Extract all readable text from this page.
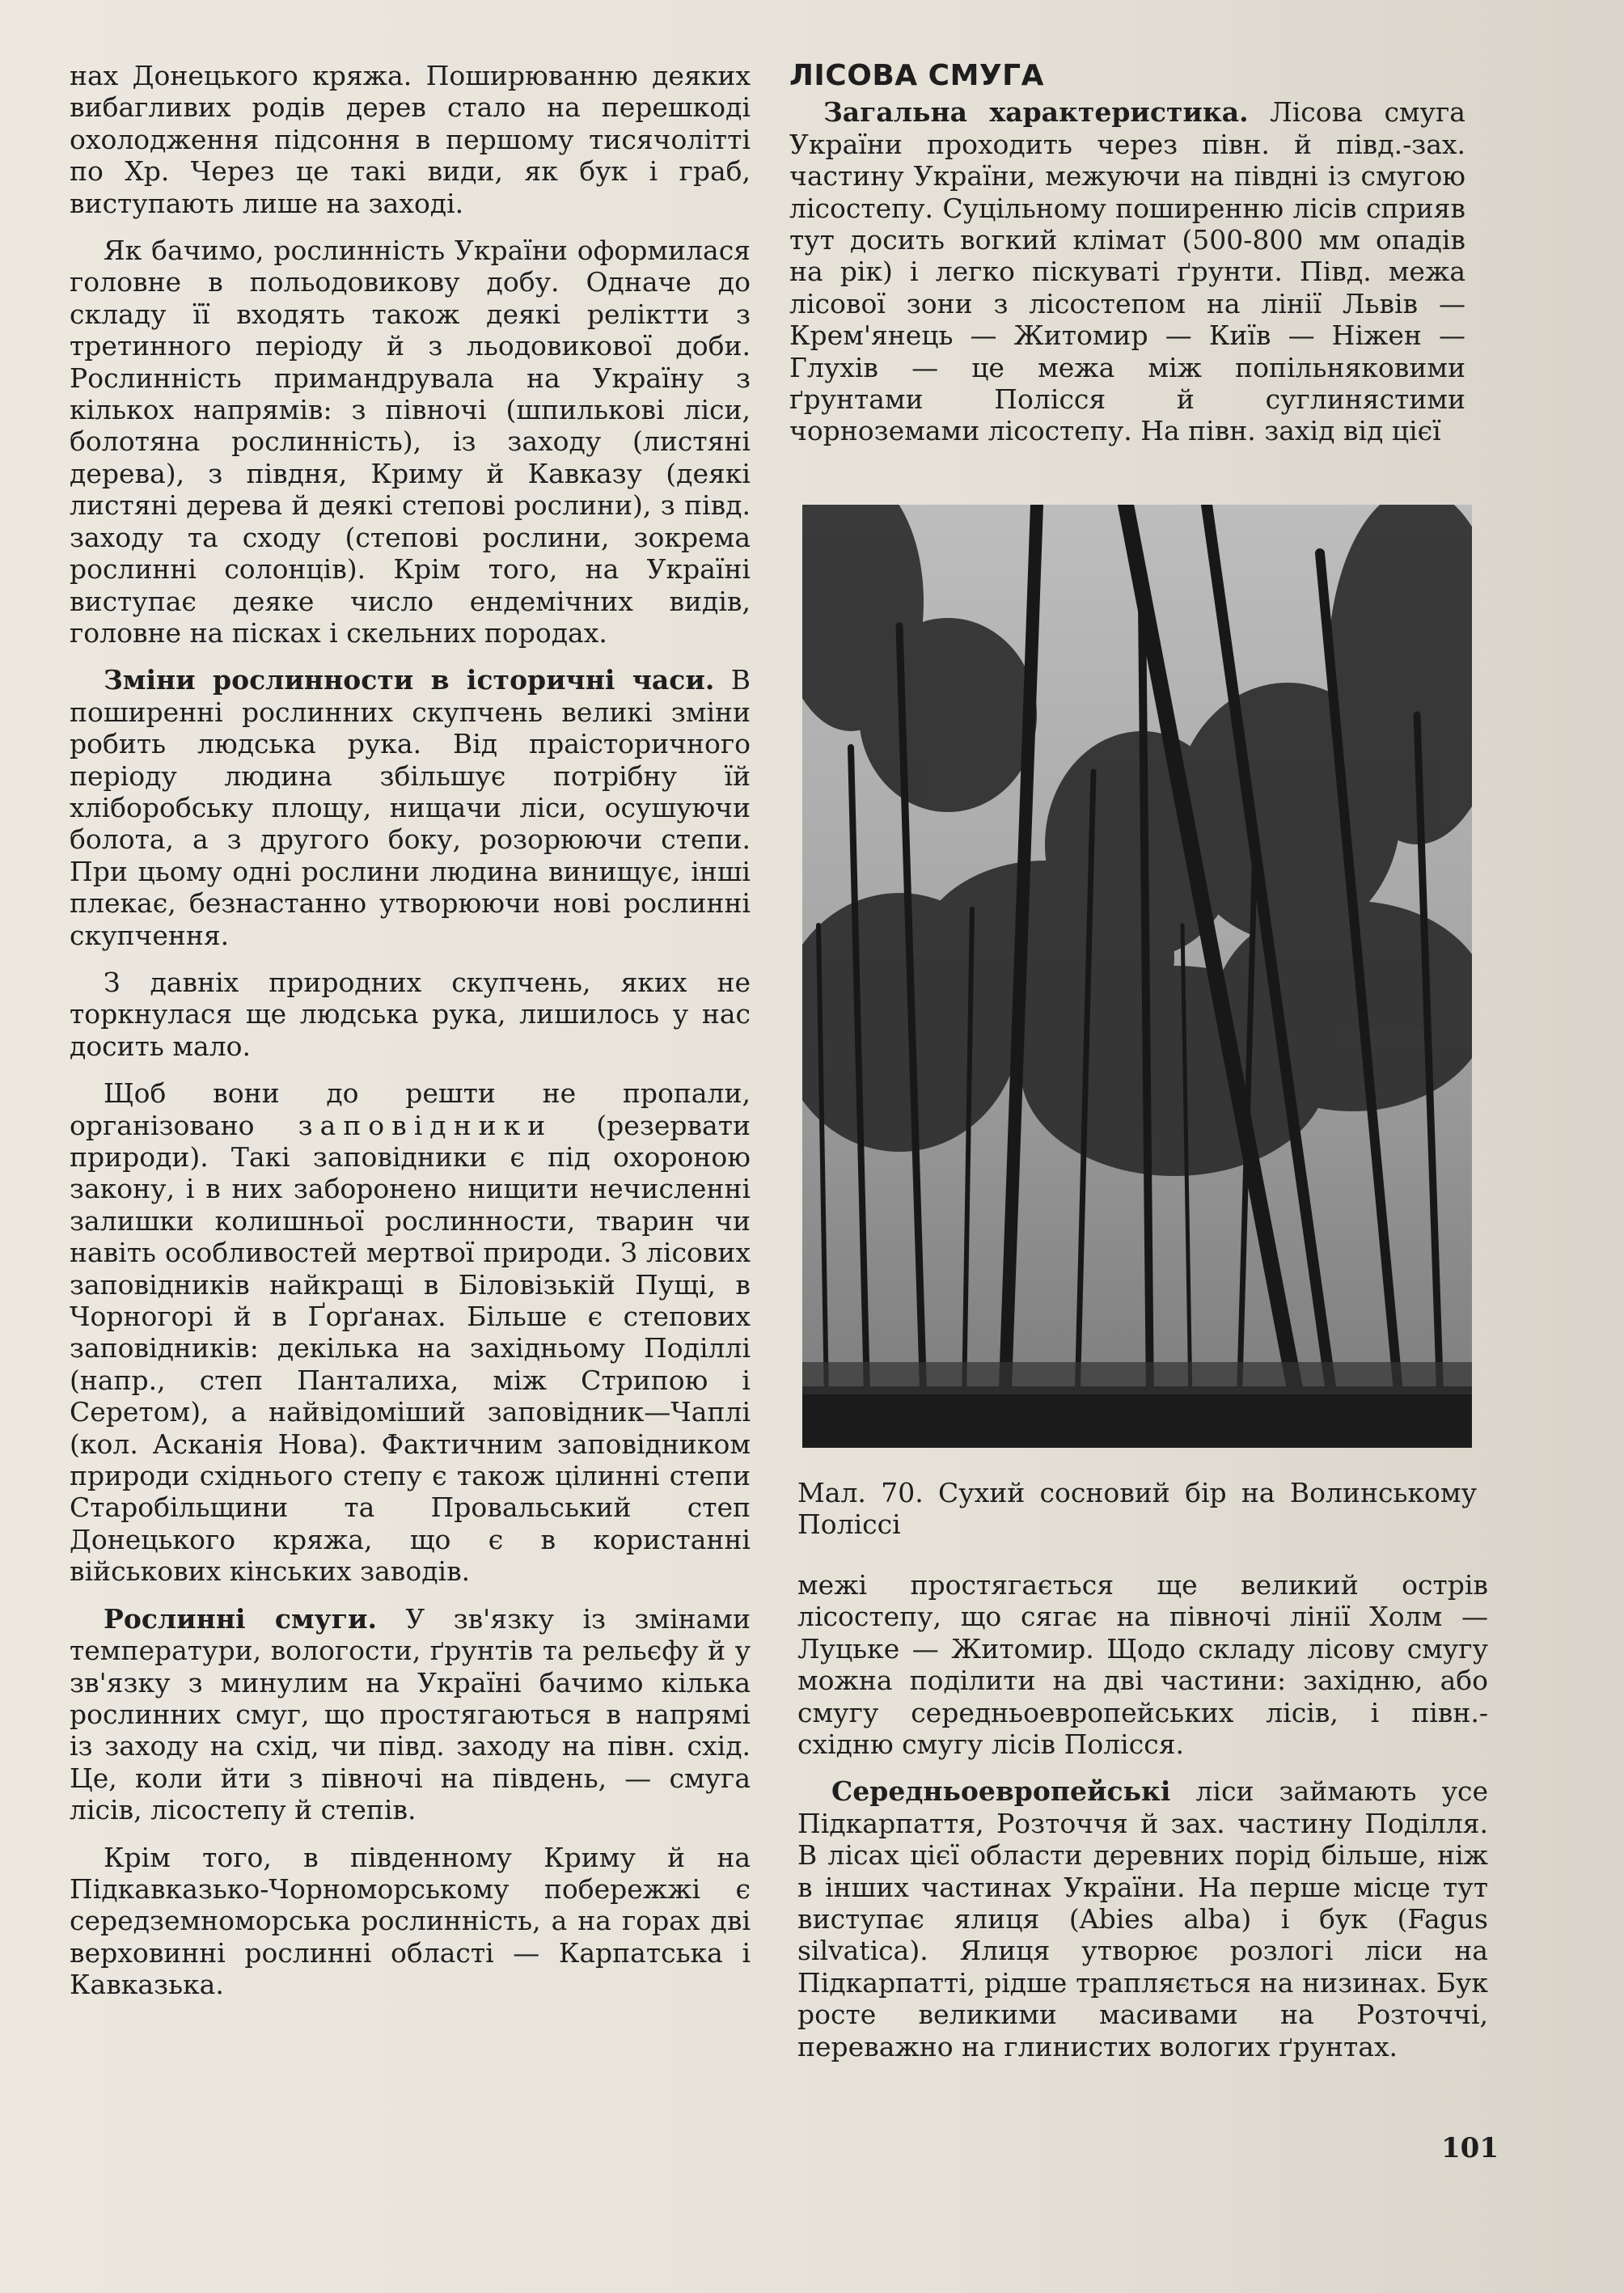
нах Донецького кряжа. Поширюванню деяких вибагливих родів дерев стало на перешкоді охолодження підсоння в першому тисячолітті по Хр. Через це такі види, як бук і граб, виступають лише на заході.

Як бачимо, рослинність України оформилася головне в польодовикову добу. Одначе до складу її входять також деякі реліктти з третинного періоду й з льодовикової доби. Рослинність примандрувала на Україну з кількох напрямів: з півночі (шпилькові ліси, болотяна рослинність), із заходу (листяні дерева), з півдня, Криму й Кавказу (деякі листяні дерева й деякі степові рослини), з півд. заходу та сходу (степові рослини, зокрема рослинні солонців). Крім того, на Україні виступає деяке число ендемічних видів, головне на пісках і скельних породах.

Зміни рослинности в історичні часи. В поширенні рослинних скупчень великі зміни робить людська рука. Від праісторичного періоду людина збільшує потрібну їй хліборобську площу, нищачи ліси, осушуючи болота, а з другого боку, розорюючи степи. При цьому одні рослини людина винищує, інші плекає, безнастанно утворюючи нові рослинні скупчення.

З давніх природних скупчень, яких не торкнулася ще людська рука, лишилось у нас досить мало.

Щоб вони до решти не пропали, організовано заповідники (резервати природи). Такі заповідники є під охороною закону, і в них заборонено нищити нечисленні залишки колишньої рослинности, тварин чи навіть особливостей мертвої природи. З лісових заповідників найкращі в Біловізькій Пущі, в Чорногорі й в Ґорґанах. Більше є степових заповідників: декілька на західньому Поділлі (напр., степ Панталиха, між Стрипою і Серетом), а найвідоміший заповідник—Чаплі (кол. Асканія Нова). Фактичним заповідником природи східнього степу є також цілинні степи Старобільщини та Провальський степ Донецького кряжа, що є в користанні військових кінських заводів.

Рослинні смуги. У зв'язку із змінами температури, вологости, ґрунтів та рельєфу й у зв'язку з минулим на Україні бачимо кілька рослинних смуг, що простягаються в напрямі із заходу на схід, чи півд. заходу на півн. схід. Це, коли йти з півночі на південь, — смуга лісів, лісостепу й степів.

Крім того, в південному Криму й на Підкавказько-Чорноморському побережжі є середземноморська рослинність, а на горах дві верховинні рослинні області — Карпатська і Кавказька.

ЛІСОВА СМУГА

Загальна характеристика. Лісова смуга України проходить через півн. й півд.-зах. частину України, межуючи на півдні із смугою лісостепу. Суцільному поширенню лісів сприяв тут досить вогкий клімат (500-800 мм опадів на рік) і легко піскуваті ґрунти. Півд. межа лісової зони з лісостепом на лінії Львів — Крем'янець — Житомир — Київ — Ніжен — Глухів — це межа між попільняковими ґрунтами Полісся й суглинястими чорноземами лісостепу. На півн. захід від цієї

Мал. 70. Сухий сосновий бір на Волинському Поліссі

межі простягається ще великий острів лісостепу, що сягає на півночі лінії Холм — Луцьке — Житомир. Щодо складу лісову смугу можна поділити на дві частини: західню, або смугу середньоевропейських лісів, і півн.-східню смугу лісів Полісся.

Середньоевропейські ліси займають усе Підкарпаття, Розточчя й зах. частину Поділля. В лісах цієї области деревних порід більше, ніж в інших частинах України. На перше місце тут виступає ялиця (Abies alba) і бук (Fagus silvatica). Ялиця утворює розлогі ліси на Підкарпатті, рідше трапляється на низинах. Бук росте великими масивами на Розточчі, переважно на глинистих вологих ґрунтах.

101
